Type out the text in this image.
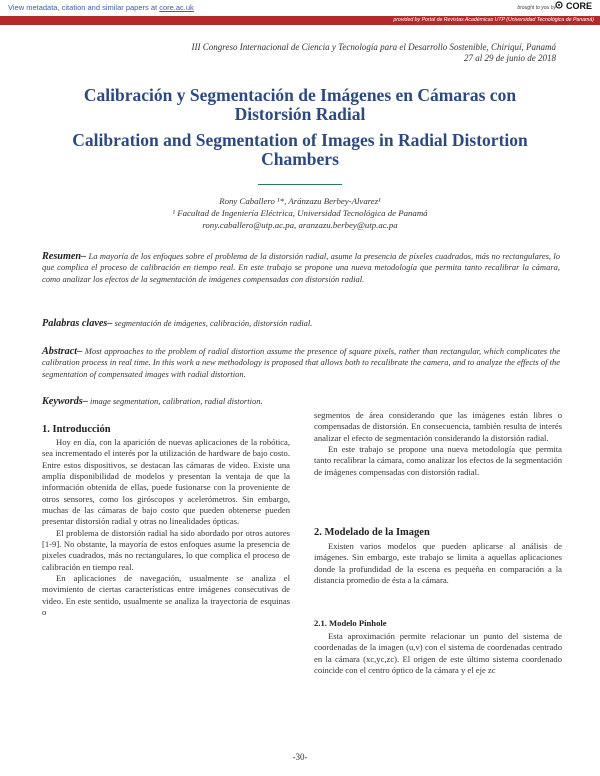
View metadata, citation and similar papers at core.ac.uk	brought to you by	CORE
provided by Portal de Revistas Académicas UTP (Universidad Tecnológica de Panamá)
III Congreso Internacional de Ciencia y Tecnología para el Desarrollo Sostenible, Chiriquí, Panamá
27 al 29 de junio de 2018
Calibración y Segmentación de Imágenes en Cámaras con
Distorsión Radial
Calibration and Segmentation of Images in Radial Distortion
Chambers
Rony Caballero ¹*, Aránzazu Berbey-Alvarez¹
¹ Facultad de Ingeniería Eléctrica, Universidad Tecnológica de Panamá
rony.caballero@utp.ac.pa, aranzazu.berbey@utp.ac.pa
Resumen– La mayoría de los enfoques sobre el problema de la distorsión radial, asume la presencia de píxeles cuadrados, más no rectangulares, lo que complica el proceso de calibración en tiempo real. En este trabajo se propone una nueva metodología que permita tanto recalibrar la cámara, como analizar los efectos de la segmentación de imágenes compensadas con distorsión radial.
Palabras claves– segmentación de imágenes, calibración, distorsión radial.
Abstract– Most approaches to the problem of radial distortion assume the presence of square pixels, rather than rectangular, which complicates the calibration process in real time. In this work a new methodology is proposed that allows both to recalibrate the camera, and to analyze the effects of the segmentation of compensated images with radial distortion.
Keywords– image segmentation, calibration, radial distortion.
1. Introducción

Hoy en día, con la aparición de nuevas aplicaciones de la robótica, sea incrementado el interés por la utilización de hardware de bajo costo. Entre estos dispositivos, se destacan las cámaras de video. Existe una amplia disponibilidad de modelos y presentan la ventaja de que la información obtenida de ellas, puede fusionarse con la proveniente de otros sensores, como los giróscopos y acelerómetros. Sin embargo, muchas de las cámaras de bajo costo que pueden obtenerse pueden presentar distorsión radial y otras no linealidades ópticas.

El problema de distorsión radial ha sido abordado por otros autores [1-9]. No obstante, la mayoría de estos enfoques asume la presencia de pixeles cuadrados, más no rectangulares, lo que complica el proceso de calibración en tiempo real.

En aplicaciones de navegación, usualmente se analiza el movimiento de ciertas características entre imágenes consecutivas de video. En este sentido, usualmente se analiza la trayectoria de esquinas o

segmentos de área considerando que las imágenes están libres o compensadas de distorsión. En consecuencia, también resulta de interés analizar el efecto de segmentación considerando la distorsión radial.

En este trabajo se propone una nueva metodología que permita tanto recalibrar la cámara, como analizar los efectos de la segmentación de imágenes compensadas con distorsión radial.

2. Modelado de la Imagen

Existen varios modelos que pueden aplicarse al análisis de imágenes. Sin embargo, este trabajo se limita a aquellas aplicaciones donde la profundidad de la escena es pequeña en comparación a la distancia promedio de ésta a la cámara.

2.1. Modelo Pinhole

Esta aproximación permite relacionar un punto del sistema de coordenadas de la imagen (u,v) con el sistema de coordenadas centrado en la cámara (xc,yc,zc). El origen de este último sistema coordenado coincide con el centro óptico de la cámara y el eje zc

-30-
